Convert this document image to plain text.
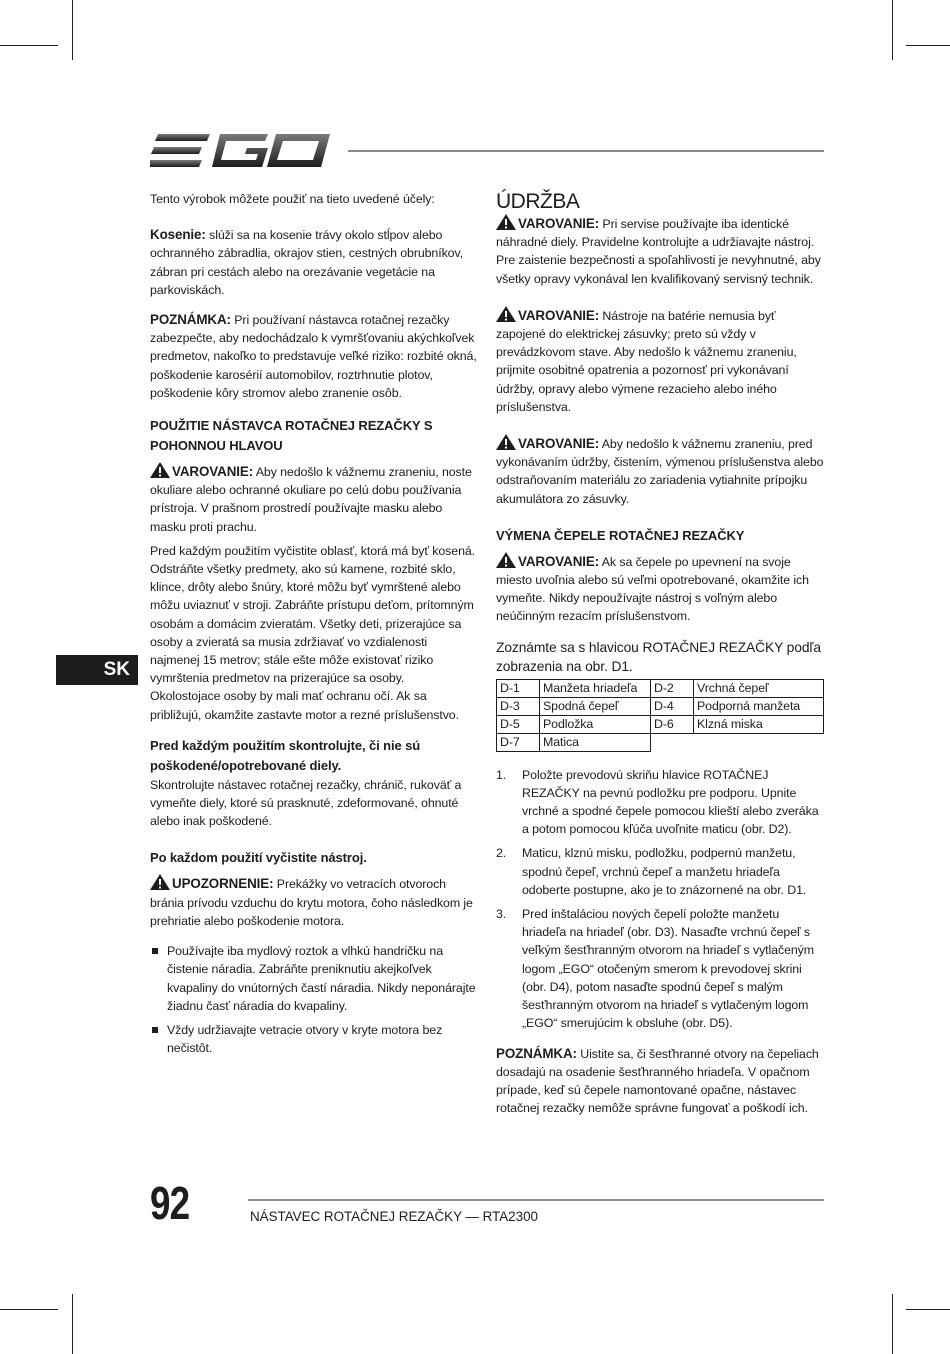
Tento výrobok môžete použiť na tieto uvedené účely:

Kosenie: slúži sa na kosenie trávy okolo stĺpov alebo ochranného zábradlia, okrajov stien, cestných obrubníkov, zábran pri cestách alebo na orezávanie vegetácie na parkoviskách.

POZNÁMKA: Pri používaní nástavca rotačnej rezačky zabezpečte, aby nedochádzalo k vymršťovaniu akýchkoľvek predmetov, nakoľko to predstavuje veľké riziko: rozbité okná, poškodenie karosérií automobilov, roztrhnutie plotov, poškodenie kôry stromov alebo zranenie osôb.

POUŽITIE NÁSTAVCA ROTAČNEJ REZAČKY S POHONNOU HLAVOU

VAROVANIE: Aby nedošlo k vážnemu zraneniu, noste okuliare alebo ochranné okuliare po celú dobu používania prístroja. V prašnom prostredí používajte masku alebo masku proti prachu.

Pred každým použitím vyčistite oblasť, ktorá má byť kosená. Odstráňte všetky predmety, ako sú kamene, rozbité sklo, klince, drôty alebo šnúry, ktoré môžu byť vymrštené alebo môžu uviaznuť v stroji. Zabráňte prístupu deťom, prítomným osobám a domácim zvieratám. Všetky deti, prizerajúce sa osoby a zvieratá sa musia zdržiavať vo vzdialenosti najmenej 15 metrov; stále ešte môže existovať riziko vymrštenia predmetov na prizerajúce sa osoby. Okolostojace osoby by mali mať ochranu očí. Ak sa približujú, okamžite zastavte motor a rezné príslušenstvo.

Pred každým použitím skontrolujte, či nie sú poškodené/opotrebované diely.

Skontrolujte nástavec rotačnej rezačky, chránič, rukoväť a vymeňte diely, ktoré sú prasknuté, zdeformované, ohnuté alebo inak poškodené.

Po každom použití vyčistite nástroj.

UPOZORNENIE: Prekážky vo vetracích otvoroch bránia prívodu vzduchu do krytu motora, čoho následkom je prehriatie alebo poškodenie motora.

Používajte iba mydlový roztok a vlhkú handričku na čistenie náradia. Zabráňte preniknutiu akejkoľvek kvapaliny do vnútorných častí náradia. Nikdy neponárajte žiadnu časť náradia do kvapaliny.
Vždy udržiavajte vetracie otvory v kryte motora bez nečistôt.

ÚDRŽBA

VAROVANIE: Pri servise používajte iba identické náhradné diely. Pravidelne kontrolujte a udržiavajte nástroj. Pre zaistenie bezpečnosti a spoľahlivosti je nevyhnutné, aby všetky opravy vykonával len kvalifikovaný servisný technik.

VAROVANIE: Nástroje na batérie nemusia byť zapojené do elektrickej zásuvky; preto sú vždy v prevádzkovom stave. Aby nedošlo k vážnemu zraneniu, prijmite osobitné opatrenia a pozornosť pri vykonávaní údržby, opravy alebo výmene rezacieho alebo iného príslušenstva.

VAROVANIE: Aby nedošlo k vážnemu zraneniu, pred vykonávaním údržby, čistením, výmenou príslušenstva alebo odstraňovaním materiálu zo zariadenia vytiahnite prípojku akumulátora zo zásuvky.

VÝMENA ČEPELE ROTAČNEJ REZAČKY

VAROVANIE: Ak sa čepele po upevnení na svoje miesto uvoľnia alebo sú veľmi opotrebované, okamžite ich vymeňte. Nikdy nepoužívajte nástroj s voľným alebo neúčinným rezacím príslušenstvom.

Zoznámte sa s hlavicou ROTAČNEJ REZAČKY podľa zobrazenia na obr. D1.

D-1	Manžeta hriadeľa	D-2	Vrchná čepeľ
D-3	Spodná čepeľ	D-4	Podporná manžeta
D-5	Podložka	D-6	Klzná miska
D-7	Matica		
1. Položte prevodovú skriňu hlavice ROTAČNEJ REZAČKY na pevnú podložku pre podporu. Upnite vrchné a spodné čepele pomocou klieští alebo zveráka a potom pomocou kľúča uvoľnite maticu (obr. D2).
2. Maticu, klznú misku, podložku, podpernú manžetu, spodnú čepeľ, vrchnú čepeľ a manžetu hriadeľa odoberte postupne, ako je to znázornené na obr. D1.
3. Pred inštaláciou nových čepelí položte manžetu hriadeľa na hriadeľ (obr. D3). Nasaďte vrchnú čepeľ s veľkým šesťhranným otvorom na hriadeľ s vytlačeným logom „EGO“ otočeným smerom k prevodovej skrini (obr. D4), potom nasaďte spodnú čepeľ s malým šesťhranným otvorom na hriadeľ s vytlačeným logom „EGO“ smerujúcim k obsluhe (obr. D5).

POZNÁMKA: Uistite sa, či šesťhranné otvory na čepeliach dosadajú na osadenie šesťhranného hriadeľa. V opačnom prípade, keď sú čepele namontované opačne, nástavec rotačnej rezačky nemôže správne fungovať a poškodí ich.

SK
92	NÁSTAVEC ROTAČNEJ REZAČKY — RTA2300
